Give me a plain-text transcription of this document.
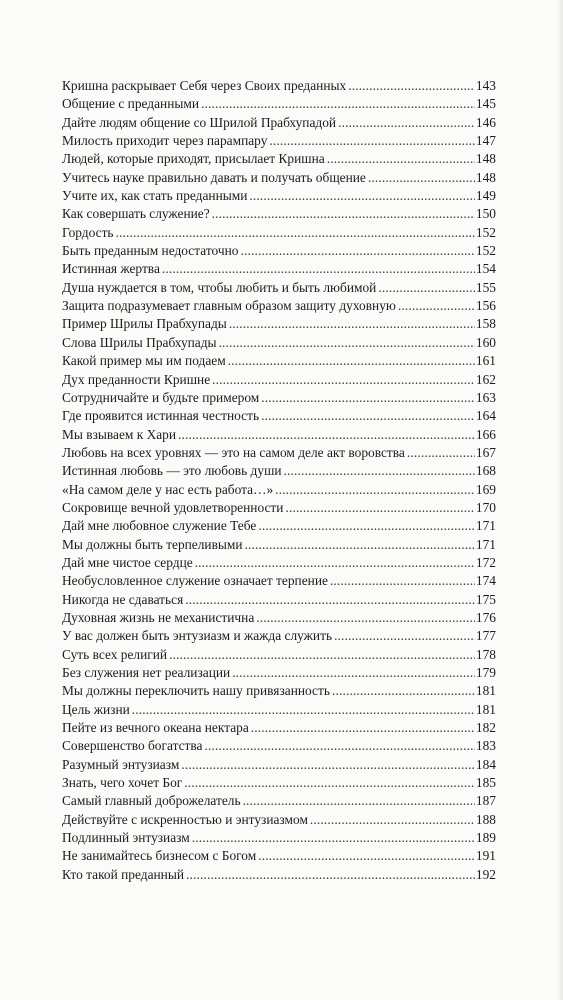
Кришна раскрывает Себя через Своих преданных . . .	143
Общение с преданными . . .	145
Дайте людям общение со Шрилой Прабхупадой . . .	146
Милость приходит через парампару . . .	147
Людей, которые приходят, присылает Кришна . . .	148
Учитесь науке правильно давать и получать общение . . .	148
Учите их, как стать преданными . . .	149
Как совершать служение? . . .	150
Гордость . . .	152
Быть преданным недостаточно . . .	152
Истинная жертва . . .	154
Душа нуждается в том, чтобы любить и быть любимой . . .	155
Защита подразумевает главным образом защиту духовную . . .	156
Пример Шрилы Прабхупады . . .	158
Слова Шрилы Прабхупады . . .	160
Какой пример мы им подаем . . .	161
Дух преданности Кришне . . .	162
Сотрудничайте и будьте примером . . .	163
Где проявится истинная честность . . .	164
Мы взываем к Хари . . .	166
Любовь на всех уровнях — это на самом деле акт воровства . . .	167
Истинная любовь — это любовь души . . .	168
«На самом деле у нас есть работа…» . . .	169
Сокровище вечной удовлетворенности . . .	170
Дай мне любовное служение Тебе . . .	171
Мы должны быть терпеливыми . . .	171
Дай мне чистое сердце . . .	172
Необусловленное служение означает терпение . . .	174
Никогда не сдаваться . . .	175
Духовная жизнь не механистична . . .	176
У вас должен быть энтузиазм и жажда служить . . .	177
Суть всех религий . . .	178
Без служения нет реализации . . .	179
Мы должны переключить нашу привязанность . . .	181
Цель жизни . . .	181
Пейте из вечного океана нектара . . .	182
Совершенство богатства . . .	183
Разумный энтузиазм . . .	184
Знать, чего хочет Бог . . .	185
Самый главный доброжелатель . . .	187
Действуйте с искренностью и энтузиазмом . . .	188
Подлинный энтузиазм . . .	189
Не занимайтесь бизнесом с Богом . . .	191
Кто такой преданный . . .	192
